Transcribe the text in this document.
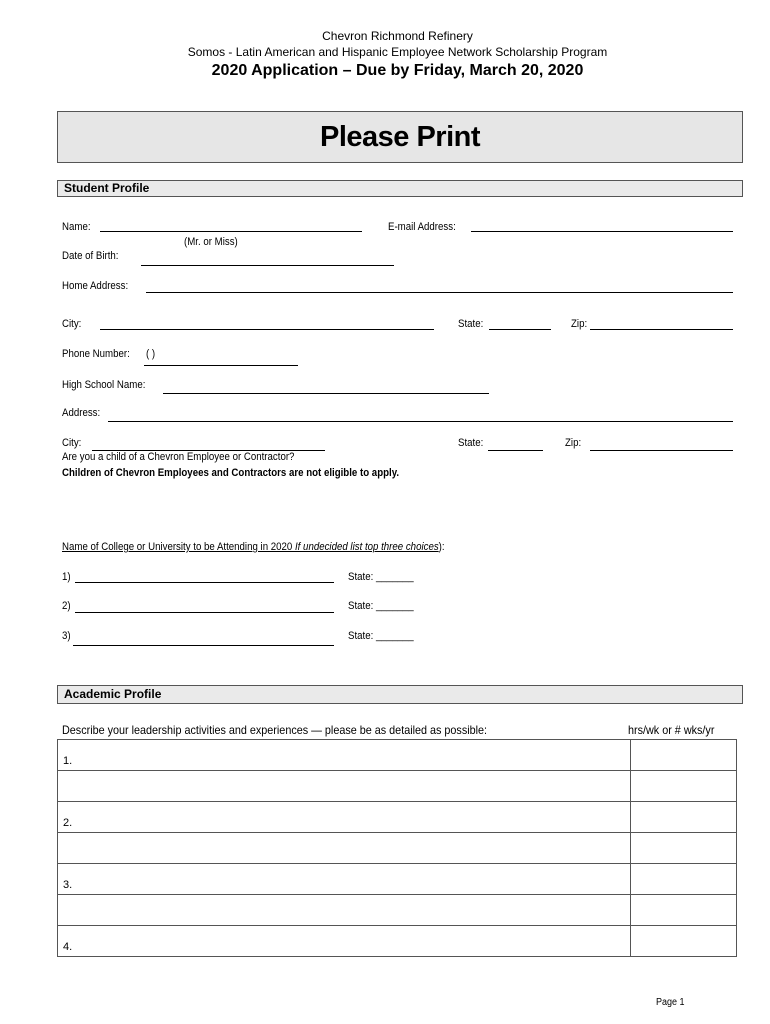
Chevron Richmond Refinery
Somos - Latin American and Hispanic Employee Network Scholarship Program
2020 Application – Due by Friday, March 20, 2020
Please Print
Student Profile
Name:
(Mr. or Miss)
E-mail Address:
Date of Birth:
Home Address:
City:	State:	Zip:
Phone Number: ( )
High School Name:
Address:
City:	State:	Zip:
Are you a child of a Chevron Employee or Contractor?
Children of Chevron Employees and Contractors are not eligible to apply.
Name of College or University to be Attending in 2020 If undecided list top three choices):
1)	State: _______
2)	State: _______
3)	State: _______
Academic Profile
Describe your leadership activities and experiences — please be as detailed as possible:	hrs/wk or # wks/yr
1.	

2.	

3.	

4.	
Page 1
